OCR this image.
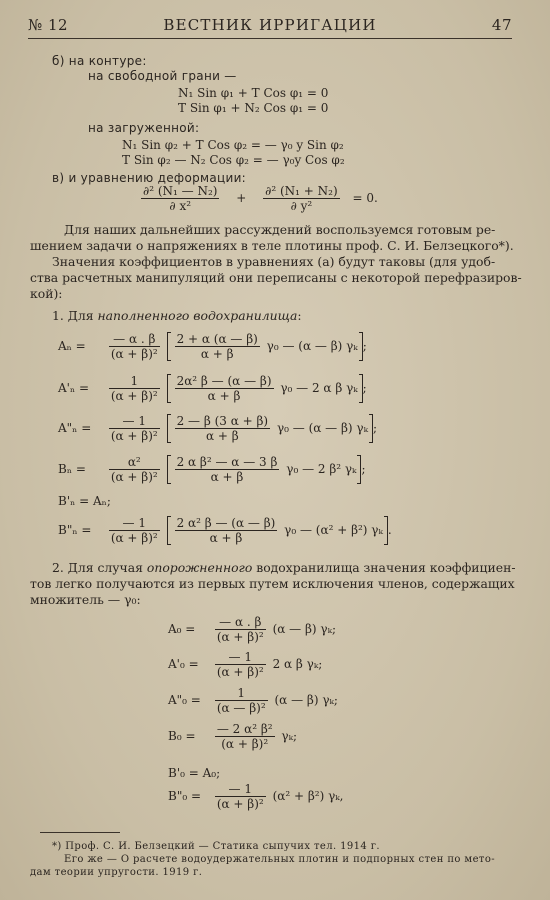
№ 12	ВЕСТНИК ИРРИГАЦИИ	47
б) на контуре:
на свободной грани —
N₁ Sin φ₁ + T Cos φ₁ = 0
T Sin φ₁ + N₂ Cos φ₁ = 0
на загруженной:
N₁ Sin φ₂ + T Cos φ₂ = — γ₀ y Sin φ₂
T Sin φ₂ — N₂ Cos φ₂ = — γ₀y Cos φ₂
в) и уравнению деформации:
$\frac{\text{∂² (N₁ — N₂)}}{\text{∂ x²}} + \frac{\text{∂² (N₁ + N₂)}}{\text{∂ y²}} = 0$.
Для наших дальнейших рассуждений воспользуемся готовым ре-
шением задачи о напряжениях в теле плотины проф. С. И. Белзецкого*).
Значения коэффициентов в уравнениях (а) будут таковы (для удоб-
ства расчетных манипуляций они переписаны с некоторой перефразиров-
кой):
1. Для наполненного водохранилища:
$A_n = \frac{— \alpha . \beta}{\text{(α + β)²}}$
$\frac{2 + \alpha (\alpha — \beta)}{\alpha + \beta} \gamma_0$ — (α — β) γₖ ;
$A'_n = \frac{1}{\text{(α + β)²}}$
$\frac{\text{2α² β — (α — β)}}{\alpha + \beta} \gamma_0$ — 2 α β γₖ ;
A"ₙ = $\frac{— 1}{\text{(α + β)²}}$
$\frac{2 — \beta (3 \alpha + \beta)}{\alpha + \beta} \gamma_0$ — (α — β) γₖ ;
$B_n = \frac{\text{α²}}{\text{(α + β)²}}$
$\frac{\text{2 α β² — α — 3 β}}{\alpha + \beta} \gamma_0$ — 2 β² γₖ ;
B'ₙ = Aₙ;
B"ₙ = $\frac{— 1}{\text{(α + β)²}}$
$\frac{\text{2 α² β — (α — β)}}{\alpha + \beta} \gamma_0$ — (α² + β²) γₖ .
2. Для случая опорожненного водохранилища значения коэффициен-
тов легко получаются из первых путем исключения членов, содержащих
множитель — γ₀:
$A_0 = \frac{— \alpha . \beta}{\text{(α + β)²}} (\alpha$ — β) γₖ;
$A'_0 = \frac{— 1}{\text{(α + β)²}} 2$ α β γₖ;
A"₀ = $\frac{1}{\text{(α — β)²}} (\alpha$ — β) γₖ;
$B_0 = \frac{\text{— 2 α² β²}}{\text{(α + β)²}} \gamma_k$;
B'₀ = A₀;
B"₀ = $\frac{— 1}{\text{(α + β)²}} (\alpha^2 + \beta^2)$ γₖ,
*) Проф. С. И. Белзецкий — Статика сыпучих тел. 1914 г.
Его же — О расчете водоудержательных плотин и подпорных стен по мето-
дам теории упругости. 1919 г.
